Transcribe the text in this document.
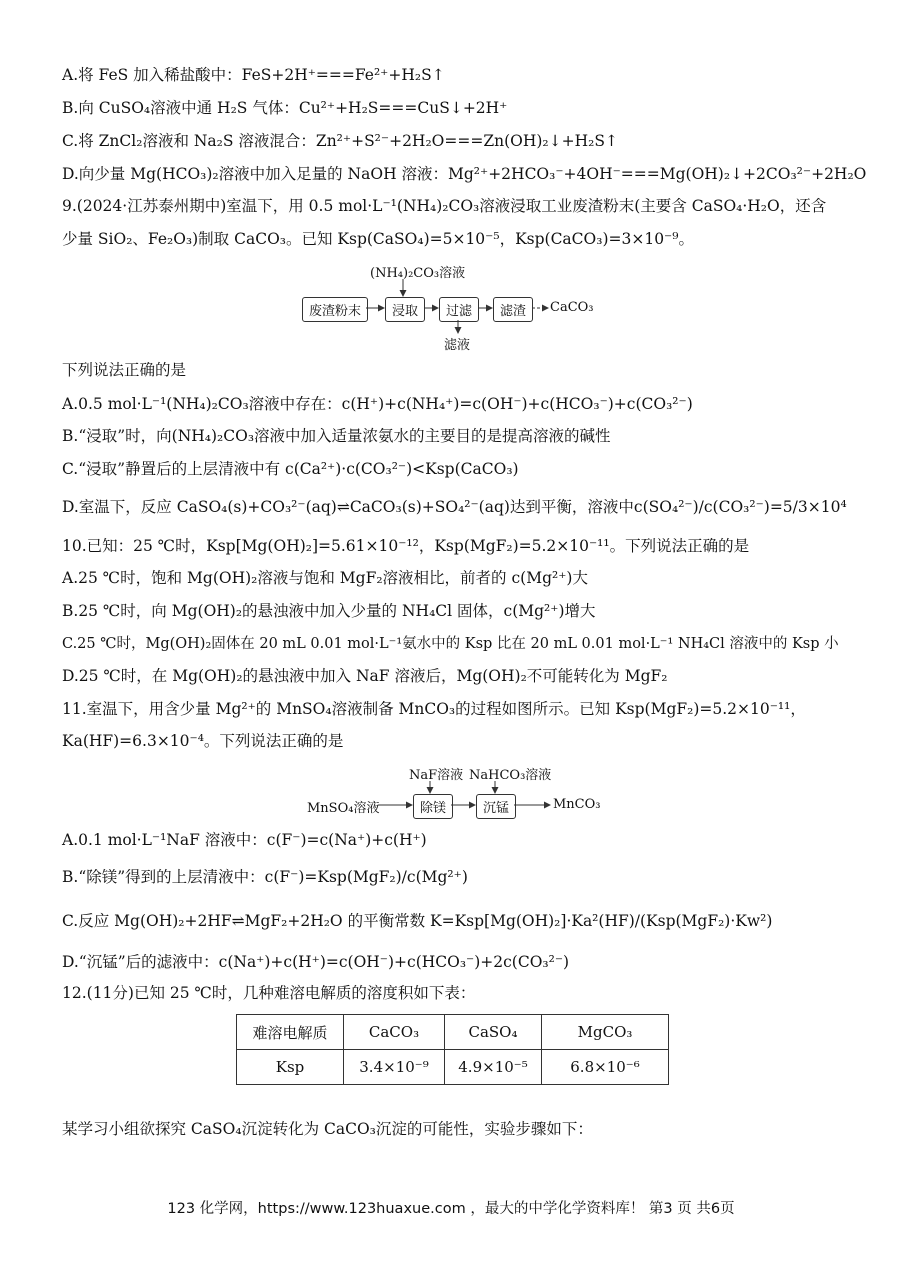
A.将 FeS 加入稀盐酸中：FeS+2H⁺===Fe²⁺+H₂S↑
B.向 CuSO₄溶液中通 H₂S 气体：Cu²⁺+H₂S===CuS↓+2H⁺
C.将 ZnCl₂溶液和 Na₂S 溶液混合：Zn²⁺+S²⁻+2H₂O===Zn(OH)₂↓+H₂S↑
D.向少量 Mg(HCO₃)₂溶液中加入足量的 NaOH 溶液：Mg²⁺+2HCO₃⁻+4OH⁻===Mg(OH)₂↓+2CO₃²⁻+2H₂O
9.(2024·江苏泰州期中)室温下，用 0.5 mol·L⁻¹(NH₄)₂CO₃溶液浸取工业废渣粉末(主要含 CaSO₄·H₂O，还含
少量 SiO₂、Fe₂O₃)制取 CaCO₃。已知 Ksp(CaSO₄)=5×10⁻⁵，Ksp(CaCO₃)=3×10⁻⁹。
(NH₄)₂CO₃溶液
废渣粉末	浸取	过滤	滤渣	CaCO₃
滤液
NaF溶液 NaHCO₃溶液
MnSO₄溶液	除镁	沉锰	MnCO₃
下列说法正确的是
A.0.5 mol·L⁻¹(NH₄)₂CO₃溶液中存在：c(H⁺)+c(NH₄⁺)=c(OH⁻)+c(HCO₃⁻)+c(CO₃²⁻)
B.“浸取”时，向(NH₄)₂CO₃溶液中加入适量浓氨水的主要目的是提高溶液的碱性
C.“浸取”静置后的上层清液中有 c(Ca²⁺)·c(CO₃²⁻)<Ksp(CaCO₃)
D.室温下，反应 CaSO₄(s)+CO₃²⁻(aq)⇌CaCO₃(s)+SO₄²⁻(aq)达到平衡，溶液中c(SO₄²⁻)/c(CO₃²⁻)=5/3×10⁴
10.已知：25 ℃时，Ksp[Mg(OH)₂]=5.61×10⁻¹²，Ksp(MgF₂)=5.2×10⁻¹¹。下列说法正确的是
A.25 ℃时，饱和 Mg(OH)₂溶液与饱和 MgF₂溶液相比，前者的 c(Mg²⁺)大
B.25 ℃时，向 Mg(OH)₂的悬浊液中加入少量的 NH₄Cl 固体，c(Mg²⁺)增大
C.25 ℃时，Mg(OH)₂固体在 20 mL 0.01 mol·L⁻¹氨水中的 Ksp 比在 20 mL 0.01 mol·L⁻¹ NH₄Cl 溶液中的 Ksp 小
D.25 ℃时，在 Mg(OH)₂的悬浊液中加入 NaF 溶液后，Mg(OH)₂不可能转化为 MgF₂
11.室温下，用含少量 Mg²⁺的 MnSO₄溶液制备 MnCO₃的过程如图所示。已知 Ksp(MgF₂)=5.2×10⁻¹¹，
Ka(HF)=6.3×10⁻⁴。下列说法正确的是
A.0.1 mol·L⁻¹NaF 溶液中：c(F⁻)=c(Na⁺)+c(H⁺)
B.“除镁”得到的上层清液中：c(F⁻)=Ksp(MgF₂)/c(Mg²⁺)
C.反应 Mg(OH)₂+2HF⇌MgF₂+2H₂O 的平衡常数 K=Ksp[Mg(OH)₂]·Ka²(HF)/(Ksp(MgF₂)·Kw²)
D.“沉锰”后的滤液中：c(Na⁺)+c(H⁺)=c(OH⁻)+c(HCO₃⁻)+2c(CO₃²⁻)
12.(11分)已知 25 ℃时，几种难溶电解质的溶度积如下表：
难溶电解质	CaCO₃	CaSO₄	MgCO₃
Ksp	3.4×10⁻⁹	4.9×10⁻⁵	6.8×10⁻⁶
某学习小组欲探究 CaSO₄沉淀转化为 CaCO₃沉淀的可能性，实验步骤如下：
123 化学网，https://www.123huaxue.com ，最大的中学化学资料库！ 第3 页 共6页
